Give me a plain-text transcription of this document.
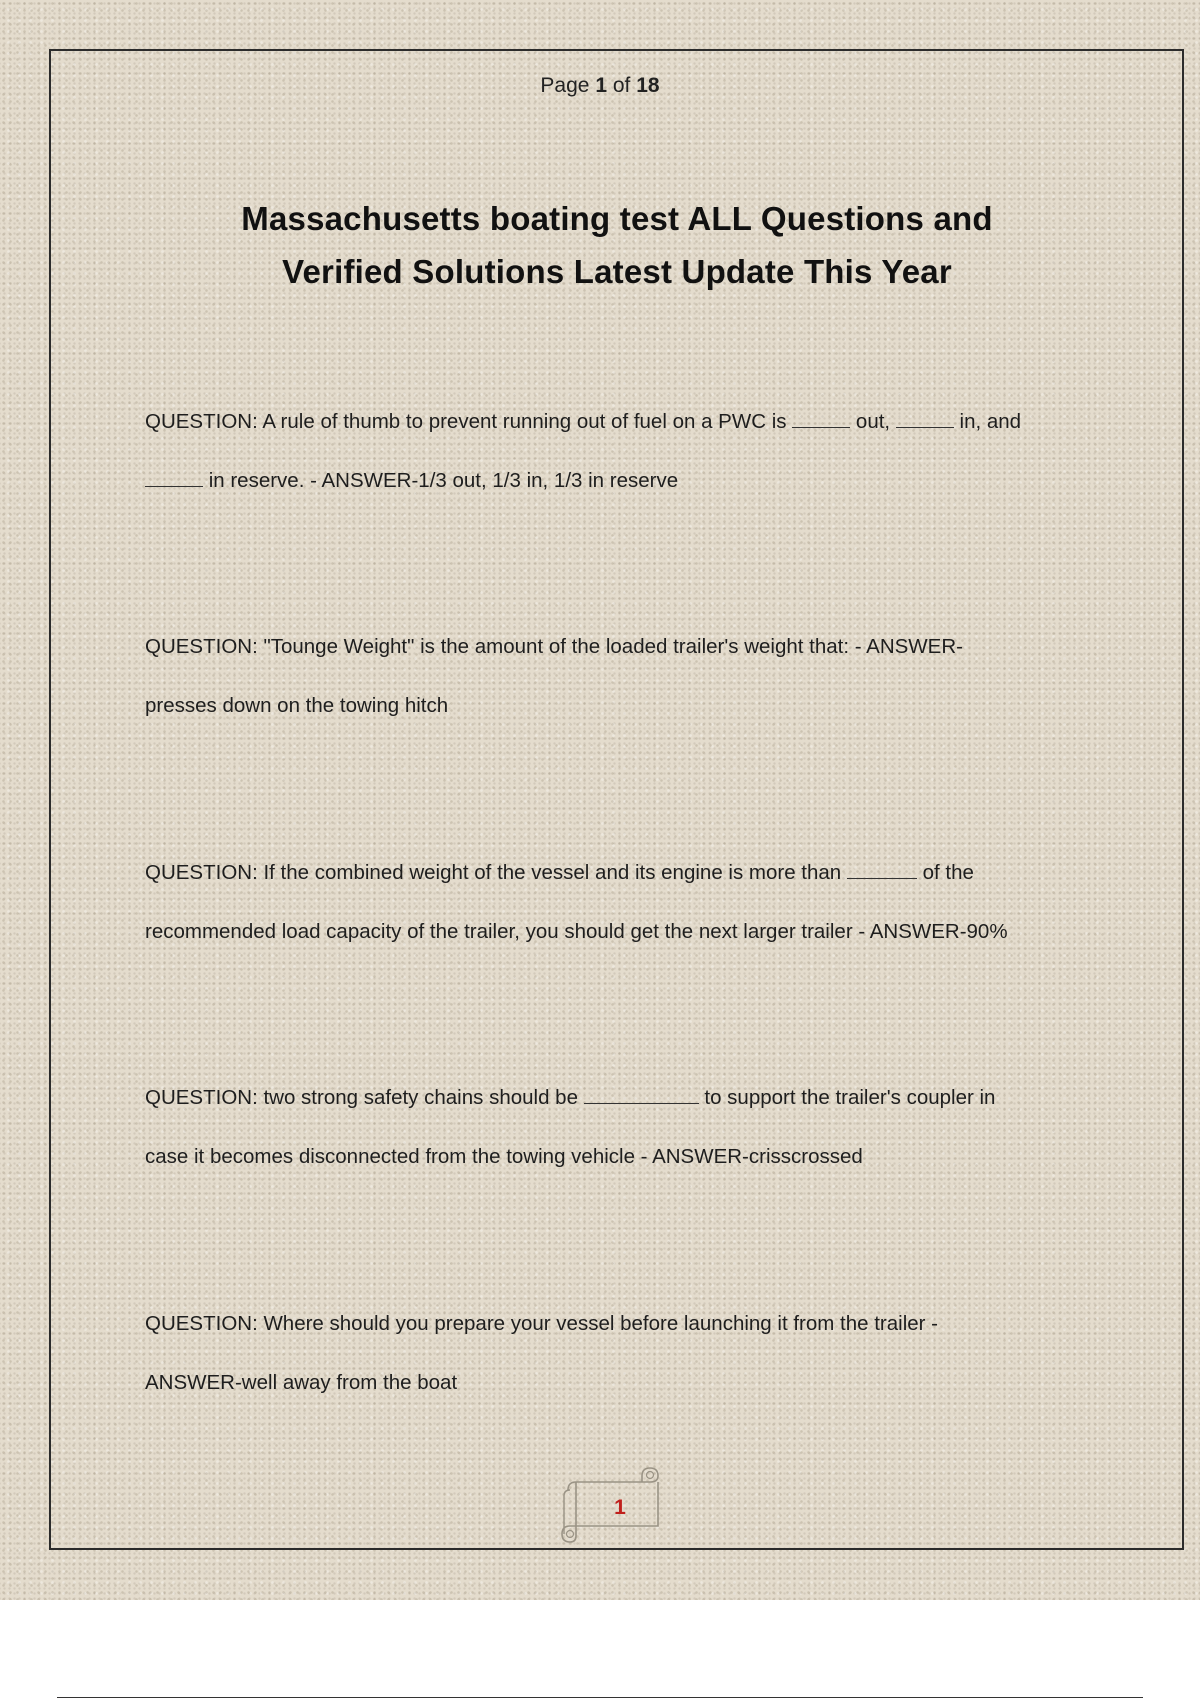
Page 1 of 18
Massachusetts boating test ALL Questions and
Verified Solutions Latest Update This Year
QUESTION: A rule of thumb to prevent running out of fuel on a PWC is	out,	in, and
in reserve. - ANSWER-1/3 out, 1/3 in, 1/3 in reserve
QUESTION: "Tounge Weight" is the amount of the loaded trailer's weight that: - ANSWER-
presses down on the towing hitch
QUESTION: If the combined weight of the vessel and its engine is more than	of the
recommended load capacity of the trailer, you should get the next larger trailer - ANSWER-90%
QUESTION: two strong safety chains should be	to support the trailer's coupler in
case it becomes disconnected from the towing vehicle - ANSWER-crisscrossed
QUESTION: Where should you prepare your vessel before launching it from the trailer -
ANSWER-well away from the boat
1
